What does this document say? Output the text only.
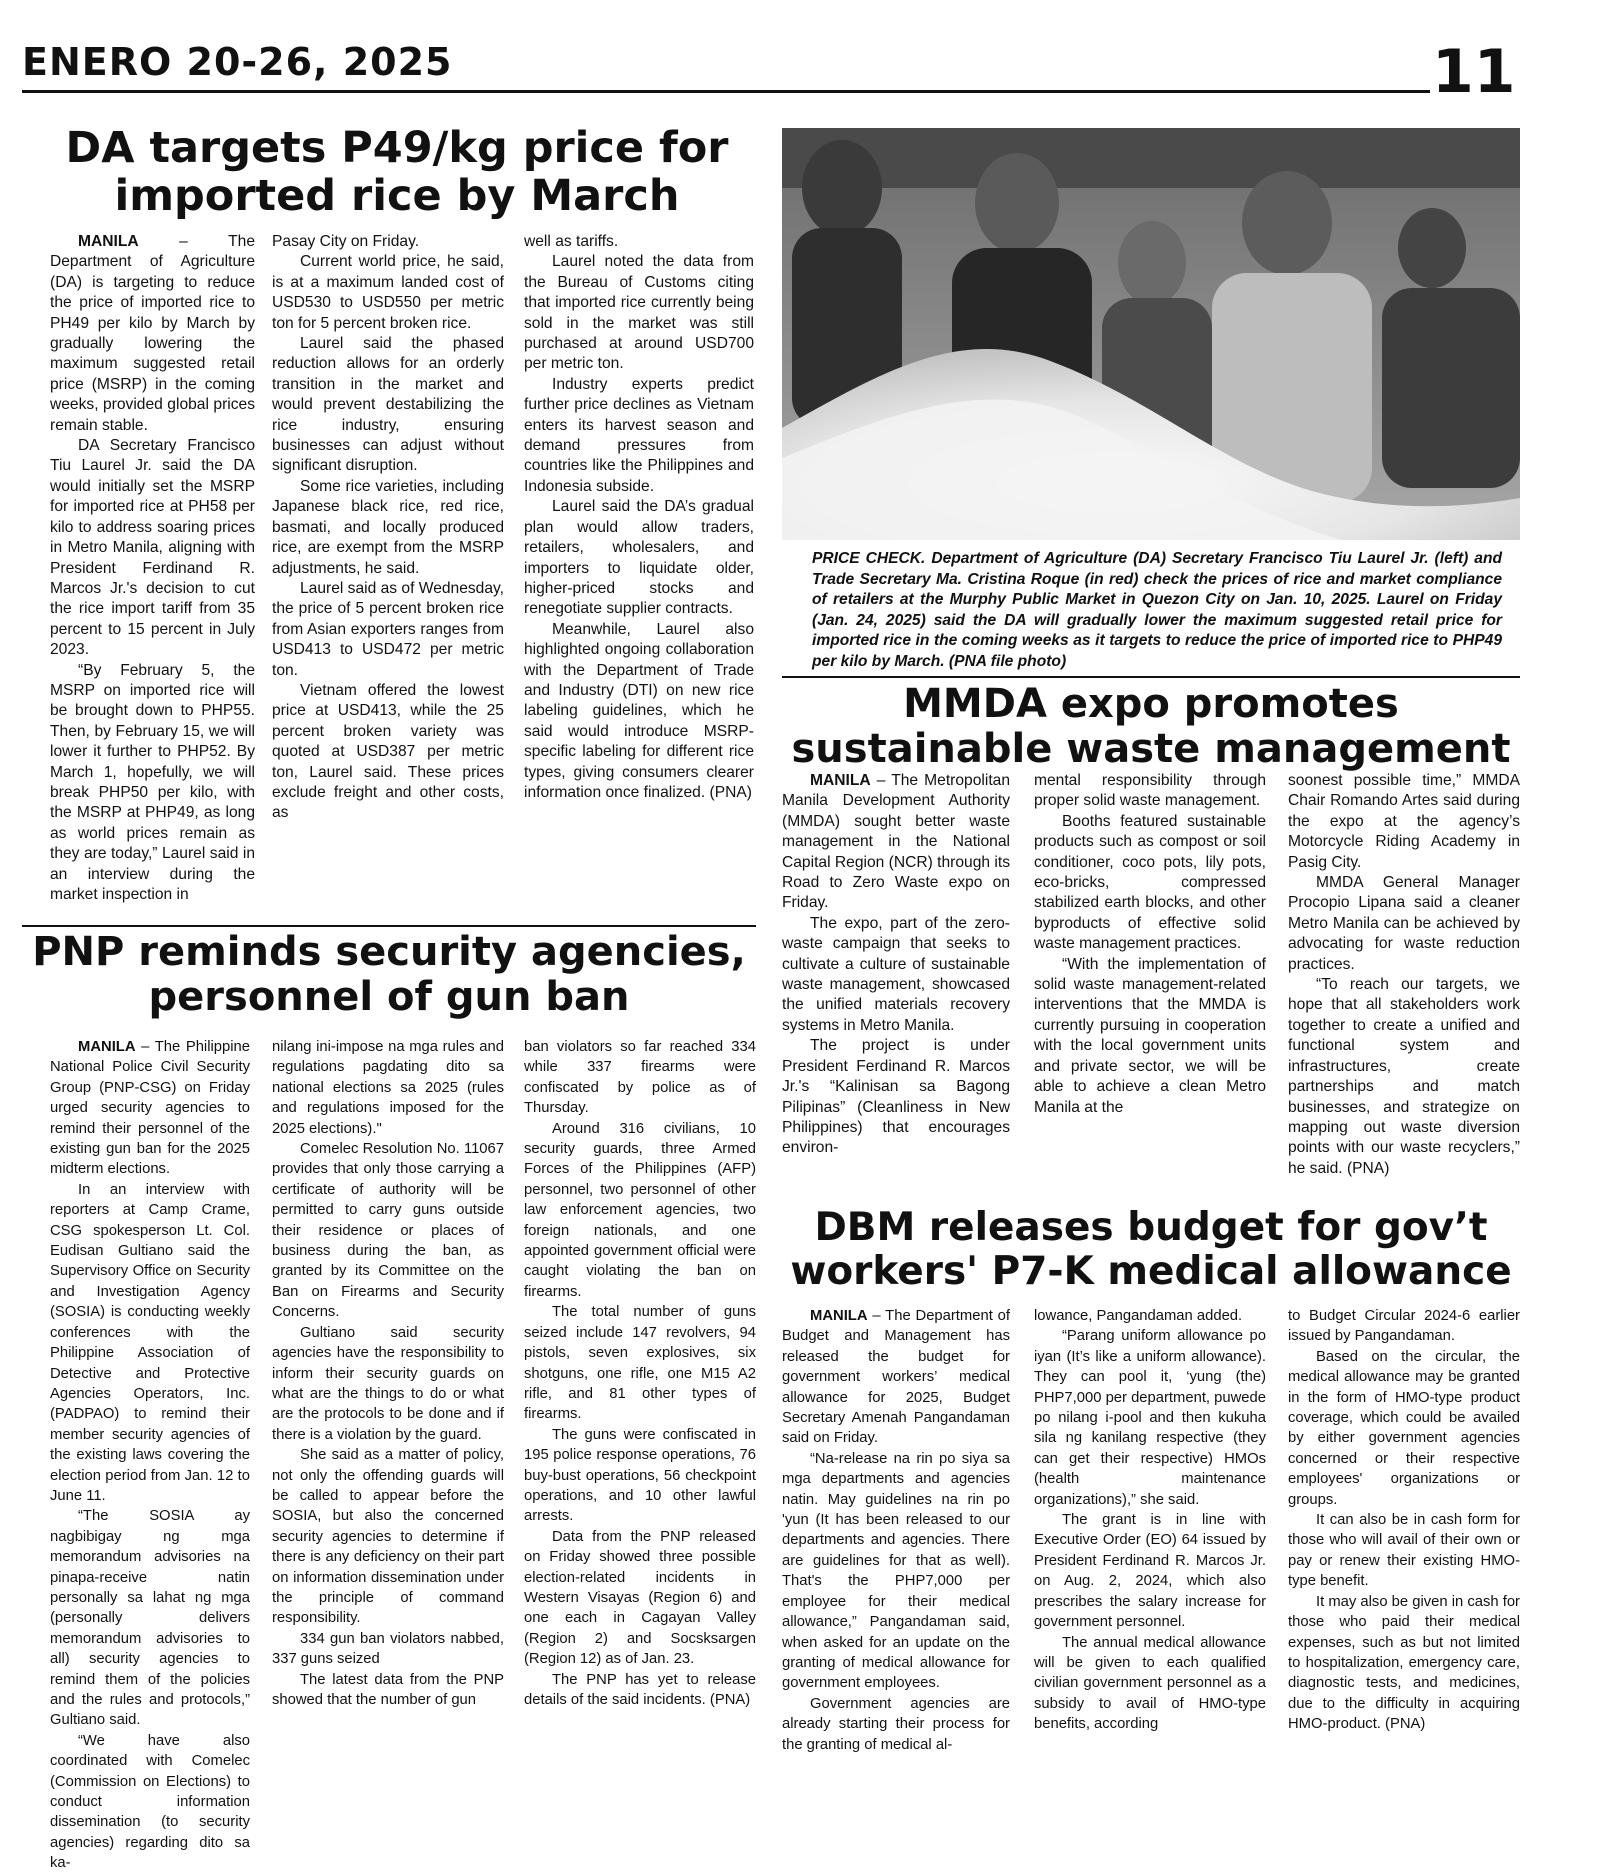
ENERO 20-26, 2025	11
DA targets P49/kg price for imported rice by March

MANILA – The Department of Agriculture (DA) is targeting to reduce the price of imported rice to PH49 per kilo by March by gradually lowering the maximum suggested retail price (MSRP) in the coming weeks, provided global prices remain stable.

DA Secretary Francisco Tiu Laurel Jr. said the DA would initially set the MSRP for imported rice at PH58 per kilo to address soaring prices in Metro Manila, aligning with President Ferdinand R. Marcos Jr.'s decision to cut the rice import tariff from 35 percent to 15 percent in July 2023.

“By February 5, the MSRP on imported rice will be brought down to PHP55. Then, by February 15, we will lower it further to PHP52. By March 1, hopefully, we will break PHP50 per kilo, with the MSRP at PHP49, as long as world prices remain as they are today,” Laurel said in an interview during the market inspection in

Pasay City on Friday.

Current world price, he said, is at a maximum landed cost of USD530 to USD550 per metric ton for 5 percent broken rice.

Laurel said the phased reduction allows for an orderly transition in the market and would prevent destabilizing the rice industry, ensuring businesses can adjust without significant disruption.

Some rice varieties, including Japanese black rice, red rice, basmati, and locally produced rice, are exempt from the MSRP adjustments, he said.

Laurel said as of Wednesday, the price of 5 percent broken rice from Asian exporters ranges from USD413 to USD472 per metric ton.

Vietnam offered the lowest price at USD413, while the 25 percent broken variety was quoted at USD387 per metric ton, Laurel said. These prices exclude freight and other costs, as

well as tariffs.

Laurel noted the data from the Bureau of Customs citing that imported rice currently being sold in the market was still purchased at around USD700 per metric ton.

Industry experts predict further price declines as Vietnam enters its harvest season and demand pressures from countries like the Philippines and Indonesia subside.

Laurel said the DA’s gradual plan would allow traders, retailers, wholesalers, and importers to liquidate older, higher-priced stocks and renegotiate supplier contracts.

Meanwhile, Laurel also highlighted ongoing collaboration with the Department of Trade and Industry (DTI) on new rice labeling guidelines, which he said would introduce MSRP-specific labeling for different rice types, giving consumers clearer information once finalized. (PNA)

PRICE CHECK. Department of Agriculture (DA) Secretary Francisco Tiu Laurel Jr. (left) and Trade Secretary Ma. Cristina Roque (in red) check the prices of rice and market compliance of retailers at the Murphy Public Market in Quezon City on Jan. 10, 2025. Laurel on Friday (Jan. 24, 2025) said the DA will gradually lower the maximum suggested retail price for imported rice in the coming weeks as it targets to reduce the price of imported rice to PHP49 per kilo by March. (PNA file photo)
MMDA expo promotes sustainable waste management

MANILA – The Metropolitan Manila Development Authority (MMDA) sought better waste management in the National Capital Region (NCR) through its Road to Zero Waste expo on Friday.

The expo, part of the zero-waste campaign that seeks to cultivate a culture of sustainable waste management, showcased the unified materials recovery systems in Metro Manila.

The project is under President Ferdinand R. Marcos Jr.'s “Kalinisan sa Bagong Pilipinas” (Cleanliness in New Philippines) that encourages environ-

mental responsibility through proper solid waste management.

Booths featured sustainable products such as compost or soil conditioner, coco pots, lily pots, eco-bricks, compressed stabilized earth blocks, and other byproducts of effective solid waste management practices.

“With the implementation of solid waste management-related interventions that the MMDA is currently pursuing in cooperation with the local government units and private sector, we will be able to achieve a clean Metro Manila at the

soonest possible time,” MMDA Chair Romando Artes said during the expo at the agency’s Motorcycle Riding Academy in Pasig City.

MMDA General Manager Procopio Lipana said a cleaner Metro Manila can be achieved by advocating for waste reduction practices.

“To reach our targets, we hope that all stakeholders work together to create a unified and functional system and infrastructures, create partnerships and match businesses, and strategize on mapping out waste diversion points with our waste recyclers,” he said. (PNA)

PNP reminds security agencies, personnel of gun ban

MANILA – The Philippine National Police Civil Security Group (PNP-CSG) on Friday urged security agencies to remind their personnel of the existing gun ban for the 2025 midterm elections.

In an interview with reporters at Camp Crame, CSG spokesperson Lt. Col. Eudisan Gultiano said the Supervisory Office on Security and Investigation Agency (SOSIA) is conducting weekly conferences with the Philippine Association of Detective and Protective Agencies Operators, Inc. (PADPAO) to remind their member security agencies of the existing laws covering the election period from Jan. 12 to June 11.

“The SOSIA ay nagbibigay ng mga memorandum advisories na pinapa-receive natin personally sa lahat ng mga (personally delivers memorandum advisories to all) security agencies to remind them of the policies and the rules and protocols,” Gultiano said.

“We have also coordinated with Comelec (Commission on Elections) to conduct information dissemination (to security agencies) regarding dito sa ka-

nilang ini-impose na mga rules and regulations pagdating dito sa national elections sa 2025 (rules and regulations imposed for the 2025 elections)."

Comelec Resolution No. 11067 provides that only those carrying a certificate of authority will be permitted to carry guns outside their residence or places of business during the ban, as granted by its Committee on the Ban on Firearms and Security Concerns.

Gultiano said security agencies have the responsibility to inform their security guards on what are the things to do or what are the protocols to be done and if there is a violation by the guard.

She said as a matter of policy, not only the offending guards will be called to appear before the SOSIA, but also the concerned security agencies to determine if there is any deficiency on their part on information dissemination under the principle of command responsibility.

334 gun ban violators nabbed, 337 guns seized

The latest data from the PNP showed that the number of gun

ban violators so far reached 334 while 337 firearms were confiscated by police as of Thursday.

Around 316 civilians, 10 security guards, three Armed Forces of the Philippines (AFP) personnel, two personnel of other law enforcement agencies, two foreign nationals, and one appointed government official were caught violating the ban on firearms.

The total number of guns seized include 147 revolvers, 94 pistols, seven explosives, six shotguns, one rifle, one M15 A2 rifle, and 81 other types of firearms.

The guns were confiscated in 195 police response operations, 76 buy-bust operations, 56 checkpoint operations, and 10 other lawful arrests.

Data from the PNP released on Friday showed three possible election-related incidents in Western Visayas (Region 6) and one each in Cagayan Valley (Region 2) and Socsksargen (Region 12) as of Jan. 23.

The PNP has yet to release details of the said incidents. (PNA)

DBM releases budget for gov’t workers' P7-K medical allowance

MANILA – The Department of Budget and Management has released the budget for government workers’ medical allowance for 2025, Budget Secretary Amenah Pangandaman said on Friday.

“Na-release na rin po siya sa mga departments and agencies natin. May guidelines na rin po 'yun (It has been released to our departments and agencies. There are guidelines for that as well). That's the PHP7,000 per employee for their medical allowance,” Pangandaman said, when asked for an update on the granting of medical allowance for government employees.

Government agencies are already starting their process for the granting of medical al-

lowance, Pangandaman added.

“Parang uniform allowance po iyan (It’s like a uniform allowance). They can pool it, ‘yung (the) PHP7,000 per department, puwede po nilang i-pool and then kukuha sila ng kanilang respective (they can get their respective) HMOs (health maintenance organizations),” she said.

The grant is in line with Executive Order (EO) 64 issued by President Ferdinand R. Marcos Jr. on Aug. 2, 2024, which also prescribes the salary increase for government personnel.

The annual medical allowance will be given to each qualified civilian government personnel as a subsidy to avail of HMO-type benefits, according

to Budget Circular 2024-6 earlier issued by Pangandaman.

Based on the circular, the medical allowance may be granted in the form of HMO-type product coverage, which could be availed by either government agencies concerned or their respective employees' organizations or groups.

It can also be in cash form for those who will avail of their own or pay or renew their existing HMO-type benefit.

It may also be given in cash for those who paid their medical expenses, such as but not limited to hospitalization, emergency care, diagnostic tests, and medicines, due to the difficulty in acquiring HMO-product. (PNA)
